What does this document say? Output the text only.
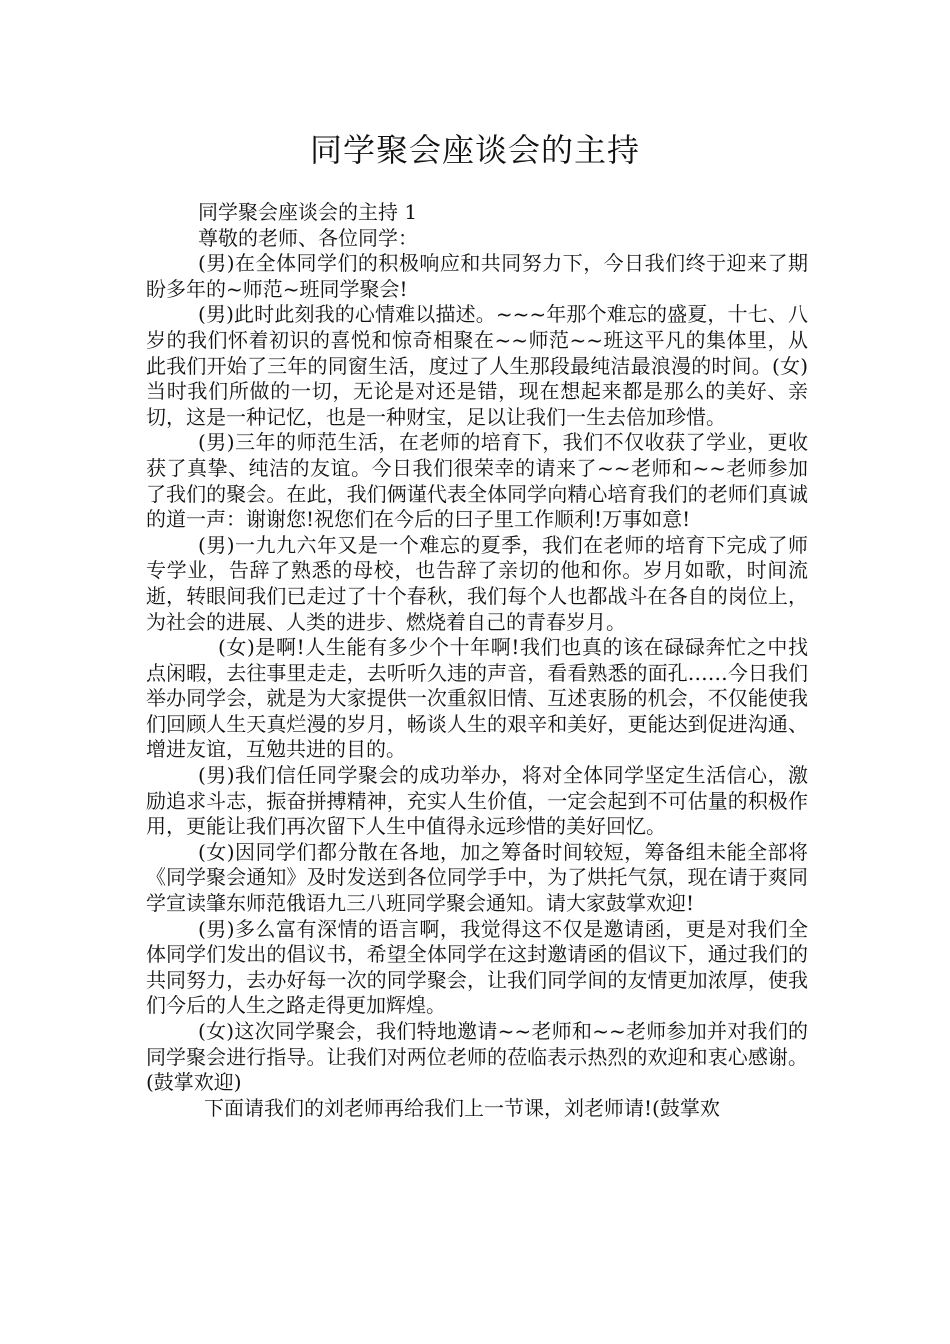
同学聚会座谈会的主持

同学聚会座谈会的主持 1

尊敬的老师、各位同学：

(男)在全体同学们的积极响应和共同努力下，今日我们终于迎来了期盼多年的~师范~班同学聚会!

(男)此时此刻我的心情难以描述。~~~年那个难忘的盛夏，十七、八岁的我们怀着初识的喜悦和惊奇相聚在~~师范~~班这平凡的集体里，从此我们开始了三年的同窗生活，度过了人生那段最纯洁最浪漫的时间。(女)当时我们所做的一切，无论是对还是错，现在想起来都是那么的美好、亲切，这是一种记忆，也是一种财宝，足以让我们一生去倍加珍惜。

(男)三年的师范生活，在老师的培育下，我们不仅收获了学业，更收获了真挚、纯洁的友谊。今日我们很荣幸的请来了~~老师和~~老师参加了我们的聚会。在此，我们俩谨代表全体同学向精心培育我们的老师们真诚的道一声：谢谢您!祝您们在今后的曰子里工作顺利!万事如意!

(男)一九九六年又是一个难忘的夏季，我们在老师的培育下完成了师专学业，告辞了熟悉的母校，也告辞了亲切的他和你。岁月如歌，时间流逝，转眼间我们已走过了十个春秋，我们每个人也都战斗在各自的岗位上，为社会的进展、人类的进步、燃烧着自己的青春岁月。

(女)是啊!人生能有多少个十年啊!我们也真的该在碌碌奔忙之中找点闲暇，去往事里走走，去听听久违的声音，看看熟悉的面孔……今日我们举办同学会，就是为大家提供一次重叙旧情、互述衷肠的机会，不仅能使我们回顾人生天真烂漫的岁月，畅谈人生的艰辛和美好，更能达到促进沟通、增进友谊，互勉共进的目的。

(男)我们信任同学聚会的成功举办，将对全体同学坚定生活信心，激励追求斗志，振奋拼搏精神，充实人生价值，一定会起到不可估量的积极作用，更能让我们再次留下人生中值得永远珍惜的美好回忆。

(女)因同学们都分散在各地，加之筹备时间较短，筹备组未能全部将《同学聚会通知》及时发送到各位同学手中，为了烘托气氛，现在请于爽同学宣读肇东师范俄语九三八班同学聚会通知。请大家鼓掌欢迎!

(男)多么富有深情的语言啊，我觉得这不仅是邀请函，更是对我们全体同学们发出的倡议书，希望全体同学在这封邀请函的倡议下，通过我们的共同努力，去办好每一次的同学聚会，让我们同学间的友情更加浓厚，使我们今后的人生之路走得更加辉煌。

(女)这次同学聚会，我们特地邀请~~老师和~~老师参加并对我们的同学聚会进行指导。让我们对两位老师的莅临表示热烈的欢迎和衷心感谢。(鼓掌欢迎)

下面请我们的刘老师再给我们上一节课，刘老师请!(鼓掌欢
